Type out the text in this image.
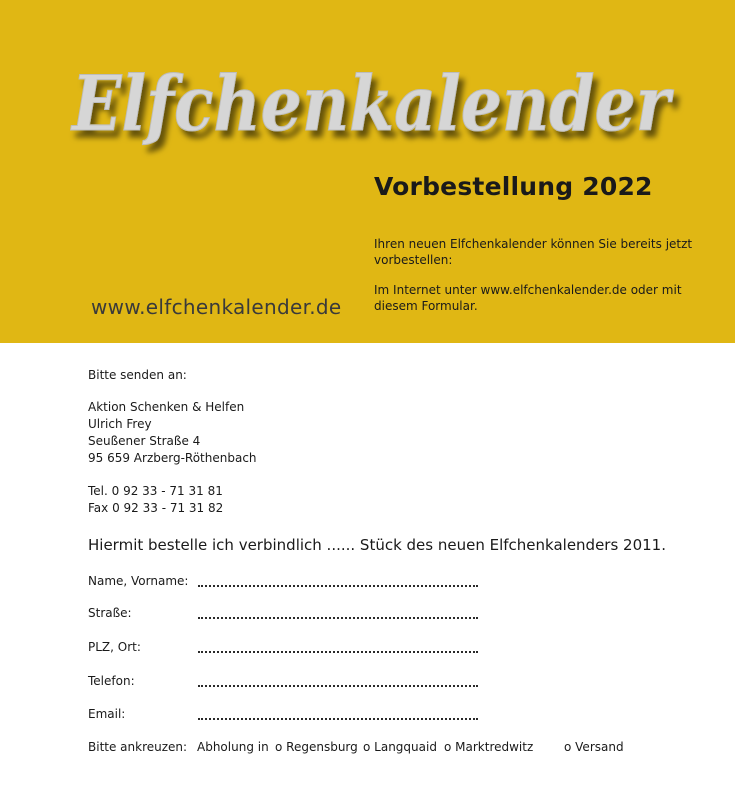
Elfchenkalender
Vorbestellung 2022

Ihren neuen Elfchenkalender können Sie bereits jetzt vorbestellen:

Im Internet unter www.elfchenkalender.de oder mit diesem Formular.

www.elfchenkalender.de
Bitte senden an:
Aktion Schenken & Helfen
Ulrich Frey
Seußener Straße 4
95 659 Arzberg-Röthenbach
Tel. 0 92 33 - 71 31 81
Fax 0 92 33 - 71 31 82
Hiermit bestelle ich verbindlich ...... Stück des neuen Elfchenkalenders 2011.
Name, Vorname:
Straße:
PLZ, Ort:
Telefon:
Email:
Bitte ankreuzen: Abholung in o Regensburg o Langquaid o Marktredwitz	o Versand
